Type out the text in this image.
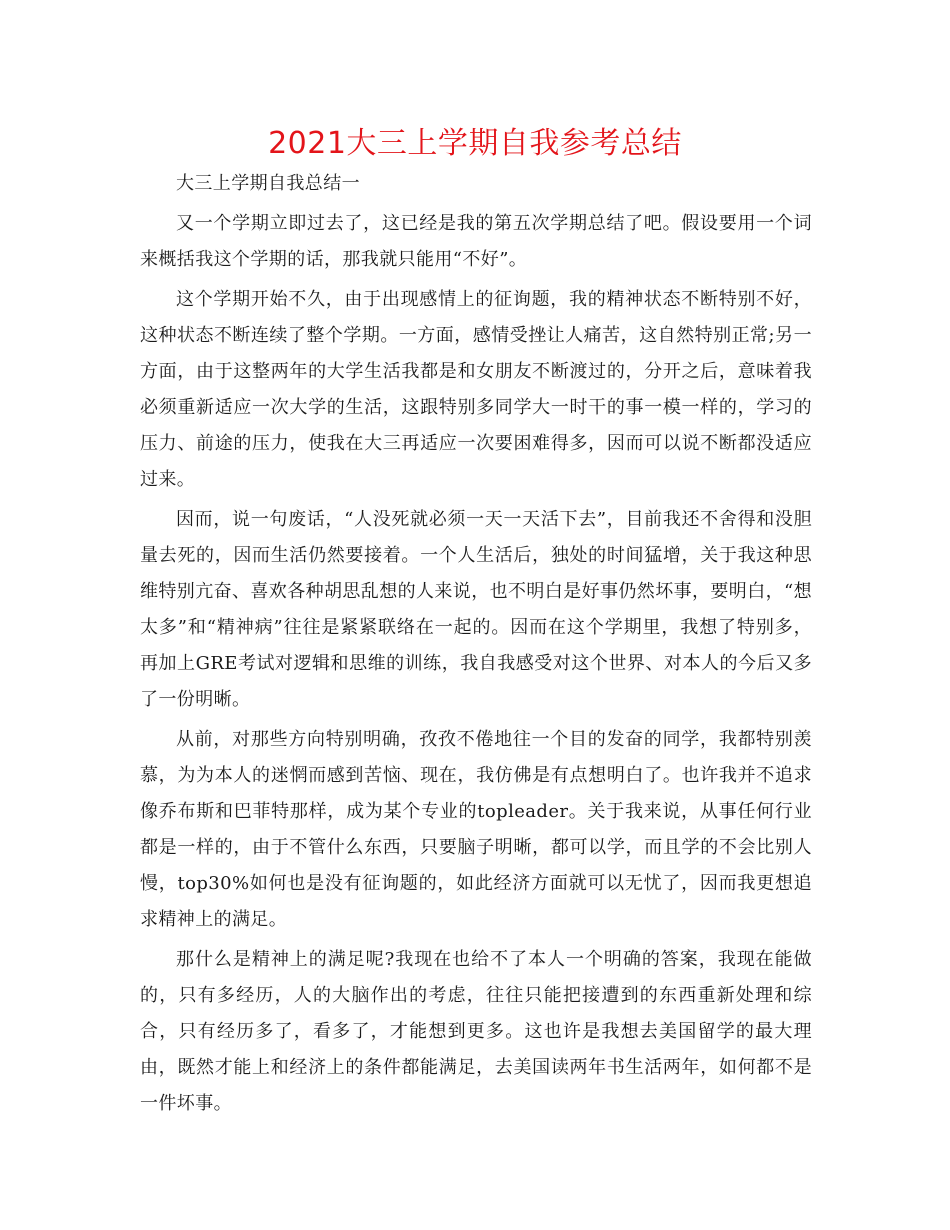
2021大三上学期自我参考总结

大三上学期自我总结一

又一个学期立即过去了，这已经是我的第五次学期总结了吧。假设要用一个词来概括我这个学期的话，那我就只能用“不好”。

这个学期开始不久，由于出现感情上的征询题，我的精神状态不断特别不好，这种状态不断连续了整个学期。一方面，感情受挫让人痛苦，这自然特别正常;另一方面，由于这整两年的大学生活我都是和女朋友不断渡过的，分开之后，意味着我必须重新适应一次大学的生活，这跟特别多同学大一时干的事一模一样的，学习的压力、前途的压力，使我在大三再适应一次要困难得多，因而可以说不断都没适应过来。

因而，说一句废话，“人没死就必须一天一天活下去”，目前我还不舍得和没胆量去死的，因而生活仍然要接着。一个人生活后，独处的时间猛增，关于我这种思维特别亢奋、喜欢各种胡思乱想的人来说，也不明白是好事仍然坏事，要明白，“想太多”和“精神病”往往是紧紧联络在一起的。因而在这个学期里，我想了特别多，再加上GRE考试对逻辑和思维的训练，我自我感受对这个世界、对本人的今后又多了一份明晰。

从前，对那些方向特别明确，孜孜不倦地往一个目的发奋的同学，我都特别羡慕，为为本人的迷惘而感到苦恼、现在，我仿佛是有点想明白了。也许我并不追求像乔布斯和巴菲特那样，成为某个专业的topleader。关于我来说，从事任何行业都是一样的，由于不管什么东西，只要脑子明晰，都可以学，而且学的不会比别人慢，top30%如何也是没有征询题的，如此经济方面就可以无忧了，因而我更想追求精神上的满足。

那什么是精神上的满足呢?我现在也给不了本人一个明确的答案，我现在能做的，只有多经历，人的大脑作出的考虑，往往只能把接遭到的东西重新处理和综合，只有经历多了，看多了，才能想到更多。这也许是我想去美国留学的最大理由，既然才能上和经济上的条件都能满足，去美国读两年书生活两年，如何都不是一件坏事。
